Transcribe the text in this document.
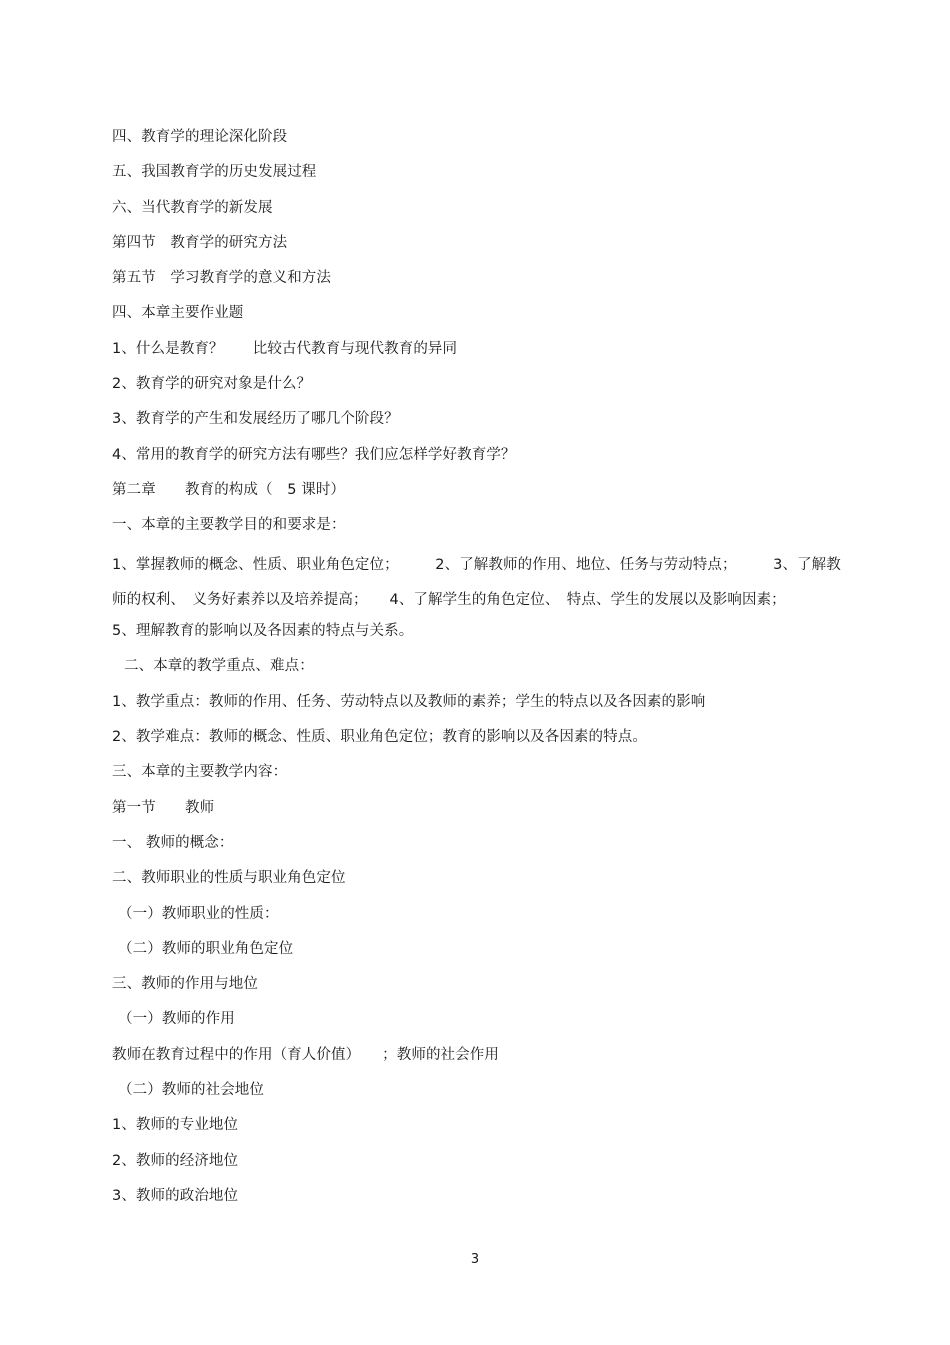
四、教育学的理论深化阶段
五、我国教育学的历史发展过程
六、当代教育学的新发展
第四节　教育学的研究方法
第五节　学习教育学的意义和方法
四、本章主要作业题
1、什么是教育？　　比较古代教育与现代教育的异同
2、教育学的研究对象是什么？
3、教育学的产生和发展经历了哪几个阶段？
4、常用的教育学的研究方法有哪些？我们应怎样学好教育学？
第二章　　教育的构成（　5 课时）
一、本章的主要教学目的和要求是：
1、掌握教师的概念、性质、职业角色定位；　　　2、了解教师的作用、地位、任务与劳动特点；　　　3、了解教师的权利、　义务好素养以及培养提高；　　4、了解学生的角色定位、　特点、学生的发展以及影响因素；
5、理解教育的影响以及各因素的特点与关系。
二、本章的教学重点、难点：
1、教学重点：教师的作用、任务、劳动特点以及教师的素养；学生的特点以及各因素的影响
2、教学难点：教师的概念、性质、职业角色定位；教育的影响以及各因素的特点。
三、本章的主要教学内容：
第一节　　教师
一、 教师的概念：
二、教师职业的性质与职业角色定位
（一）教师职业的性质：
（二）教师的职业角色定位
三、教师的作用与地位
（一）教师的作用
教师在教育过程中的作用（育人价值）　　；教师的社会作用
（二）教师的社会地位
1、教师的专业地位
2、教师的经济地位
3、教师的政治地位
3
